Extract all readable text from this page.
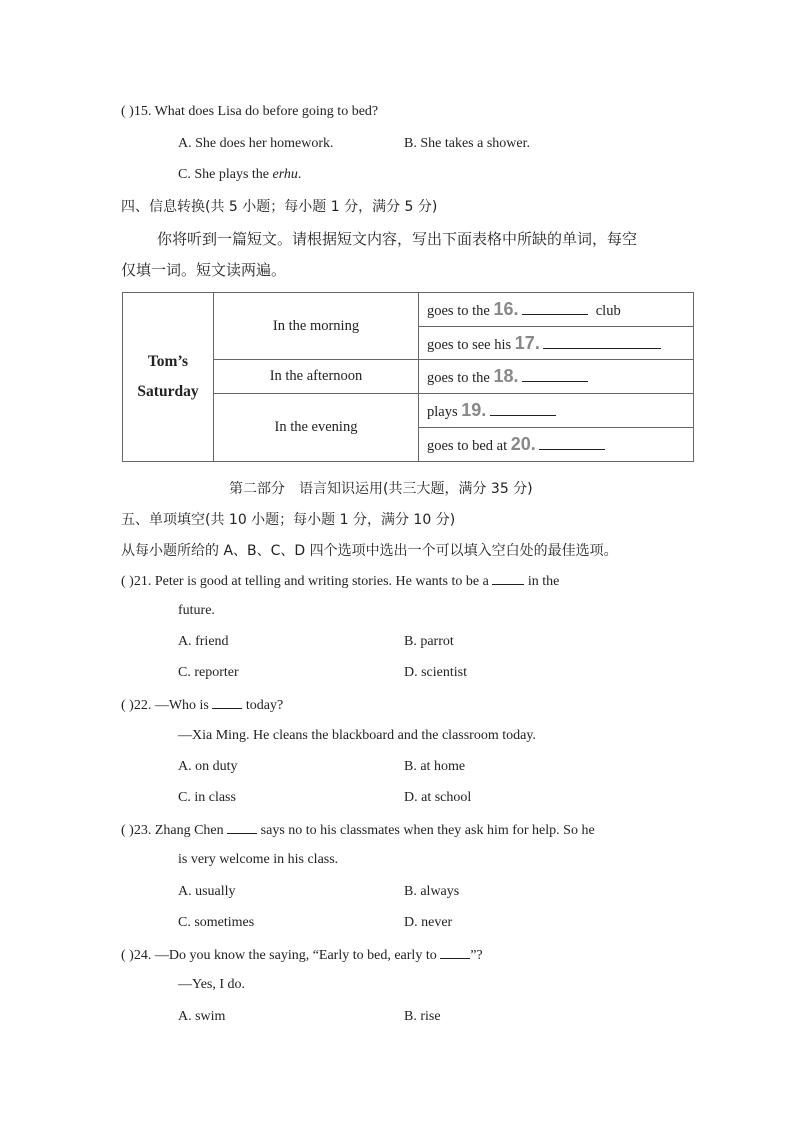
( )15. What does Lisa do before going to bed?
A. She does her homework.	B. She takes a shower.
C. She plays the erhu.
四、信息转换(共 5 小题；每小题 1 分，满分 5 分)
你将听到一篇短文。请根据短文内容，写出下面表格中所缺的单词，每空
仅填一词。短文读两遍。
Tom’s
Saturday	In the morning	goes to the 16. club
		goes to see his 17.
	In the afternoon	goes to the 18.
	In the evening	plays 19.
		goes to bed at 20.
第二部分　语言知识运用(共三大题，满分 35 分)
五、单项填空(共 10 小题；每小题 1 分，满分 10 分)
从每小题所给的 A、B、C、D 四个选项中选出一个可以填入空白处的最佳选项。
( )21. Peter is good at telling and writing stories. He wants to be a	in the
future.
A. friend	B. parrot
C. reporter	D. scientist
( )22. —Who is	today?
—Xia Ming. He cleans the blackboard and the classroom today.
A. on duty	B. at home
C. in class	D. at school
( )23. Zhang Chen	says no to his classmates when they ask him for help. So he
is very welcome in his class.
A. usually	B. always
C. sometimes	D. never
( )24. —Do you know the saying, “Early to bed, early to ”?
—Yes, I do.
A. swim	B. rise
